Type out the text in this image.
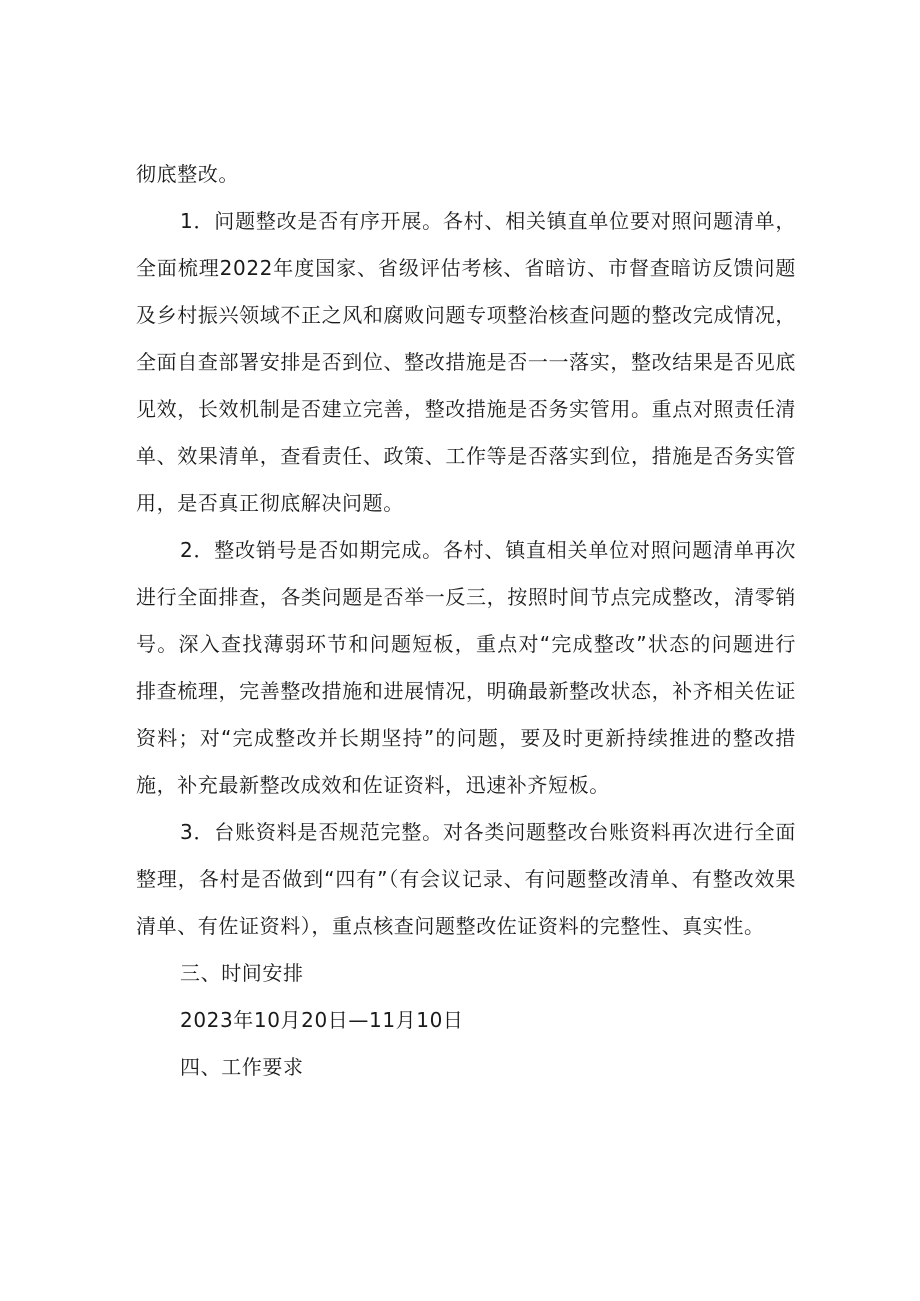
彻底整改。

1．问题整改是否有序开展。各村、相关镇直单位要对照问题清单，全面梳理2022年度国家、省级评估考核、省暗访、市督查暗访反馈问题及乡村振兴领域不正之风和腐败问题专项整治核查问题的整改完成情况，全面自查部署安排是否到位、整改措施是否一一落实，整改结果是否见底见效，长效机制是否建立完善，整改措施是否务实管用。重点对照责任清单、效果清单，查看责任、政策、工作等是否落实到位，措施是否务实管用，是否真正彻底解决问题。

2．整改销号是否如期完成。各村、镇直相关单位对照问题清单再次进行全面排查，各类问题是否举一反三，按照时间节点完成整改，清零销号。深入查找薄弱环节和问题短板，重点对“完成整改”状态的问题进行排查梳理，完善整改措施和进展情况，明确最新整改状态，补齐相关佐证资料；对“完成整改并长期坚持”的问题，要及时更新持续推进的整改措施，补充最新整改成效和佐证资料，迅速补齐短板。

3．台账资料是否规范完整。对各类问题整改台账资料再次进行全面整理，各村是否做到“四有”（有会议记录、有问题整改清单、有整改效果清单、有佐证资料），重点核查问题整改佐证资料的完整性、真实性。

三、时间安排

2023年10月20日—11月10日

四、工作要求
